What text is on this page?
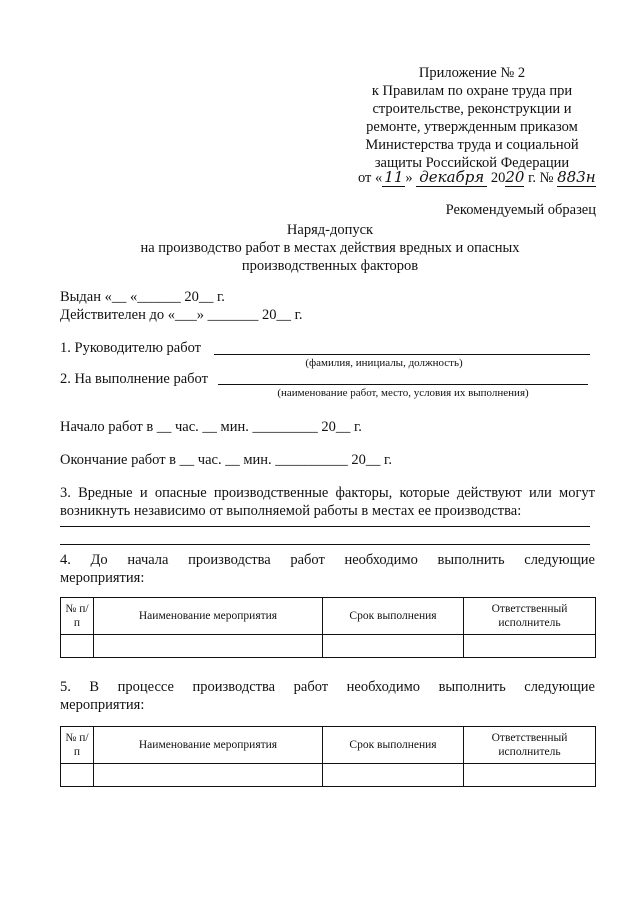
Приложение № 2
к Правилам по охране труда при
строительстве, реконструкции и
ремонте, утвержденным приказом
Министерства труда и социальной
защиты Российской Федерации
от « 11 » декабря 2020 г. № 883н
Рекомендуемый образец
Наряд-допуск
на производство работ в местах действия вредных и опасных
производственных факторов
Выдан «__ «______ 20__ г.
Действителен до «___» _______ 20__ г.
1. Руководителю работ
(фамилия, инициалы, должность)
2. На выполнение работ
(наименование работ, место, условия их выполнения)
Начало работ в __ час. __ мин. _________ 20__ г.
Окончание работ в __ час. __ мин. __________ 20__ г.
3. Вредные и опасные производственные факторы, которые действуют или могут
возникнуть независимо от выполняемой работы в местах ее производства:
4. До начала производства работ необходимо выполнить следующие
мероприятия:
№ п/п	Наименование мероприятия	Срок выполнения	Ответственный исполнитель

5. В процессе производства работ необходимо выполнить следующие
мероприятия:
№ п/п	Наименование мероприятия	Срок выполнения	Ответственный исполнитель
